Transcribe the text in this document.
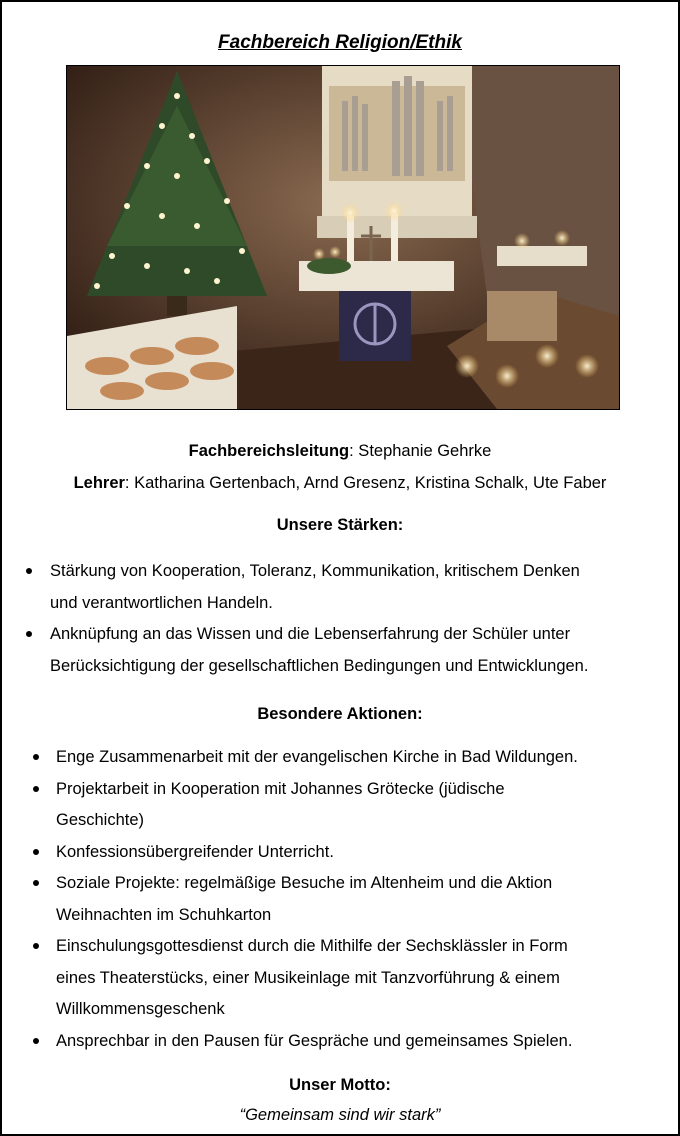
Fachbereich Religion/Ethik
Fachbereichsleitung: Stephanie Gehrke
Lehrer: Katharina Gertenbach, Arnd Gresenz, Kristina Schalk, Ute Faber
Unsere Stärken:
Stärkung von Kooperation, Toleranz, Kommunikation, kritischem Denken
und verantwortlichen Handeln.
Anknüpfung an das Wissen und die Lebenserfahrung der Schüler unter
Berücksichtigung der gesellschaftlichen Bedingungen und Entwicklungen.
Besondere Aktionen:
Enge Zusammenarbeit mit der evangelischen Kirche in Bad Wildungen.
Projektarbeit in Kooperation mit Johannes Grötecke (jüdische
Geschichte)
Konfessionsübergreifender Unterricht.
Soziale Projekte: regelmäßige Besuche im Altenheim und die Aktion
Weihnachten im Schuhkarton
Einschulungsgottesdienst durch die Mithilfe der Sechsklässler in Form
eines Theaterstücks, einer Musikeinlage mit Tanzvorführung & einem
Willkommensgeschenk
Ansprechbar in den Pausen für Gespräche und gemeinsames Spielen.
Unser Motto:
“Gemeinsam sind wir stark”
